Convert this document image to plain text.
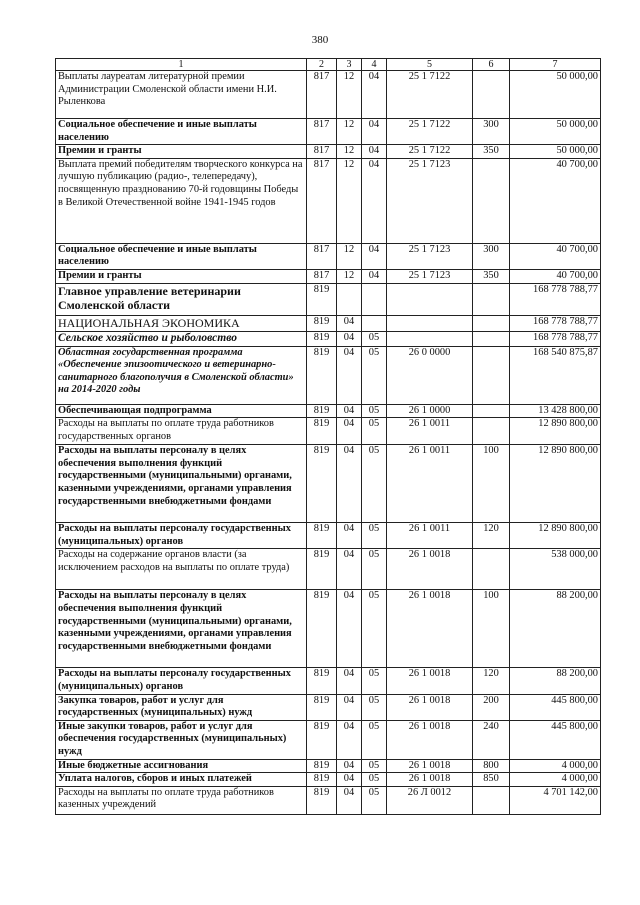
380
1	2	3	4	5	6	7
Выплаты лауреатам литературной премии Администрации Смоленской области имени Н.И. Рыленкова	817	12	04	25 1 7122		50 000,00
Социальное обеспечение и иные выплаты населению	817	12	04	25 1 7122	300	50 000,00
Премии и гранты	817	12	04	25 1 7122	350	50 000,00
Выплата премий победителям творческого конкурса на лучшую публикацию (радио-, телепередачу), посвященную празднованию 70-й годовщины Победы в Великой Отечественной войне 1941-1945 годов	817	12	04	25 1 7123		40 700,00
Социальное обеспечение и иные выплаты населению	817	12	04	25 1 7123	300	40 700,00
Премии и гранты	817	12	04	25 1 7123	350	40 700,00
Главное управление ветеринарии Смоленской области	819					168 778 788,77
НАЦИОНАЛЬНАЯ ЭКОНОМИКА	819	04				168 778 788,77
Сельское хозяйство и рыболовство	819	04	05			168 778 788,77
Областная государственная программа «Обеспечение эпизоотического и ветеринарно-санитарного благополучия в Смоленской области» на 2014-2020 годы	819	04	05	26 0 0000		168 540 875,87
Обеспечивающая подпрограмма	819	04	05	26 1 0000		13 428 800,00
Расходы на выплаты по оплате труда работников государственных органов	819	04	05	26 1 0011		12 890 800,00
Расходы на выплаты персоналу в целях обеспечения выполнения функций государственными (муниципальными) органами, казенными учреждениями, органами управления государственными внебюджетными фондами	819	04	05	26 1 0011	100	12 890 800,00
Расходы на выплаты персоналу государственных (муниципальных) органов	819	04	05	26 1 0011	120	12 890 800,00
Расходы на содержание органов власти (за исключением расходов на выплаты по оплате труда)	819	04	05	26 1 0018		538 000,00
Расходы на выплаты персоналу в целях обеспечения выполнения функций государственными (муниципальными) органами, казенными учреждениями, органами управления государственными внебюджетными фондами	819	04	05	26 1 0018	100	88 200,00
Расходы на выплаты персоналу государственных (муниципальных) органов	819	04	05	26 1 0018	120	88 200,00
Закупка товаров, работ и услуг для государственных (муниципальных) нужд	819	04	05	26 1 0018	200	445 800,00
Иные закупки товаров, работ и услуг для обеспечения государственных (муниципальных) нужд	819	04	05	26 1 0018	240	445 800,00
Иные бюджетные ассигнования	819	04	05	26 1 0018	800	4 000,00
Уплата налогов, сборов и иных платежей	819	04	05	26 1 0018	850	4 000,00
Расходы на выплаты по оплате труда работников казенных учреждений	819	04	05	26 Л 0012		4 701 142,00
